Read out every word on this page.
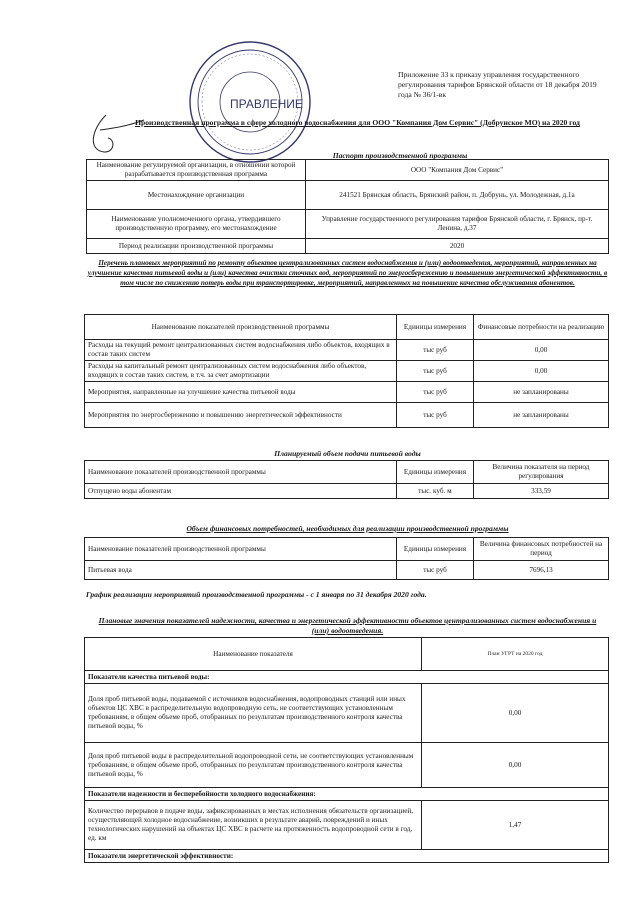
ПРАВЛЕНИЕ
Приложение 33 к приказу управления государственного регулирования тарифов Брянской области от 18 декабря 2019 года № 36/1-вк
Производственная программа в сфере холодного водоснабжения для ООО "Компания Дом Сервис" (Добрунское МО) на 2020 год
Паспорт производственной программы
Наименование регулируемой организации, в отношении которой разрабатывается производственная программа	ООО "Компания Дом Сервис"
Местонахождение организации	241521 Брянская область, Брянский район, п. Добрунь, ул. Молодежная, д.1а
Наименование уполномоченного органа, утвердившего производственную программу, его местонахождение	Управление государственного регулирования тарифов Брянской области, г. Брянск, пр-т. Ленина, д.37
Период реализации производственной программы	2020
Перечень плановых мероприятий по ремонту объектов централизованных систем водоснабжения и (или) водоотведения, мероприятий, направленных на улучшение качества питьевой воды и (или) качества очистки сточных вод, мероприятий по энергосбережению и повышению энергетической эффективности, в том числе по снижению потерь воды при транспортировке, мероприятий, направленных на повышение качества обслуживания абонентов.
Наименование показателей производственной программы	Единицы измерения	Финансовые потребности на реализацию
Расходы на текущий ремонт централизованных систем водоснабжения либо объектов, входящих в состав таких систем	тыс руб	0,00
Расходы на капитальный ремонт централизованных систем водоснабжения либо объектов, входящих в состав таких систем, в т.ч. за счет амортизации	тыс руб	0,00
Мероприятия, направленные на улучшение качества питьевой воды	тыс руб	не запланированы
Мероприятия по энергосбережению и повышению энергетической эффективности	тыс руб	не запланированы
Планируемый объем подачи питьевой воды
Наименование показателей производственной программы	Единицы измерения	Величина показателя на период регулирования
Отпущено воды абонентам	тыс. куб. м	333,59
Объем финансовых потребностей, необходимых для реализации производственной программы
Наименование показателей производственной программы	Единицы измерения	Величина финансовых потребностей на период
Питьевая вода	тыс руб	7696,13
График реализации мероприятий производственной программы - с 1 января по 31 декабря 2020 года.
Плановые значения показателей надежности, качества и энергетической эффективности объектов централизованных систем водоснабжения и (или) водоотведения.
Наименование показателя	План УГРТ на 2020 год
Показатели качества питьевой воды:	
Доля проб питьевой воды, подаваемой с источников водоснабжения, водопроводных станций или иных объектов ЦС ХВС в распределительную водопроводную сеть, не соответствующих установленным требованиям, в общем объеме проб, отобранных по результатам производственного контроля качества питьевой воды, %	0,00
Доля проб питьевой воды в распределительной водопроводной сети, не соответствующих установленным требованиям, в общем объеме проб, отобранных по результатам производственного контроля качества питьевой воды, %	0,00
Показатели надежности и бесперебойности холодного водоснабжения:	
Количество перерывов в подаче воды, зафиксированных в местах исполнения обязательств организацией, осуществляющей холодное водоснабжение, возникших в результате аварий, повреждений и иных технологических нарушений на объектах ЦС ХВС в расчете на протяженность водопроводной сети в год, ед. км	1,47
Показатели энергетической эффективности:	
